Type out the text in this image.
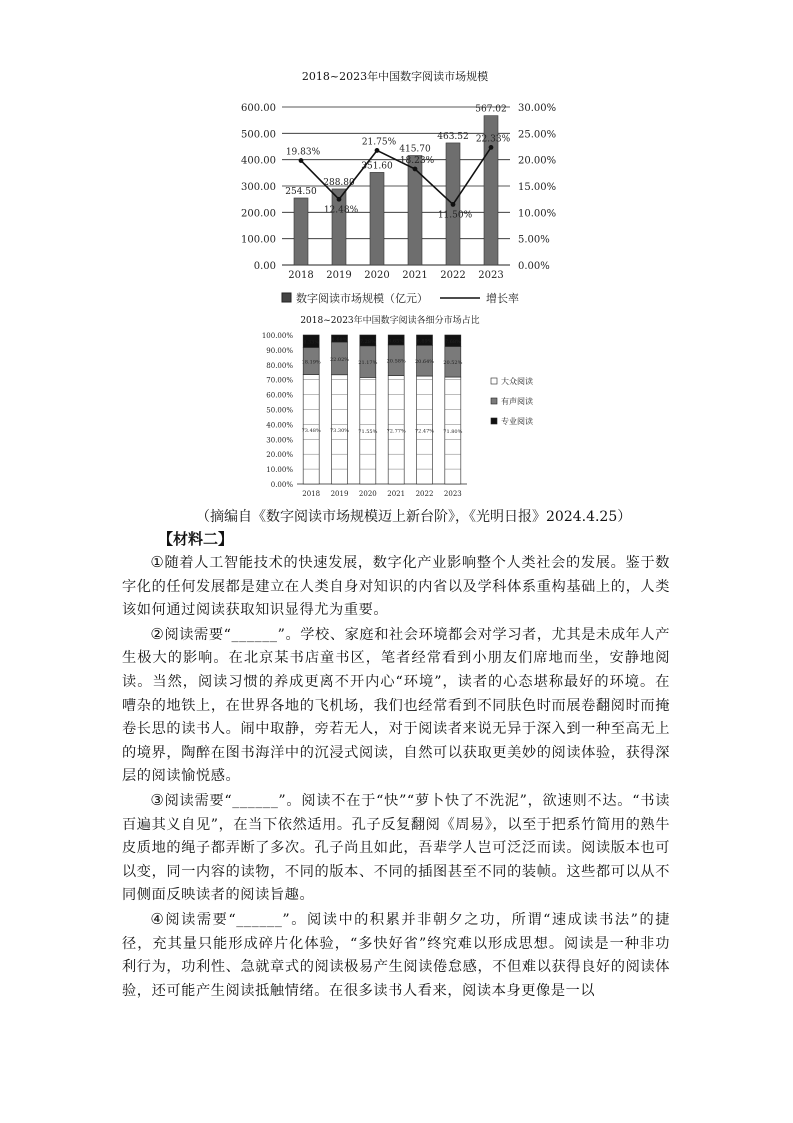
2018~2023年中国数字阅读市场规模
0.00
100.00
200.00
300.00
400.00
500.00
600.00
0.00%
5.00%
10.00%
15.00%
20.00%
25.00%
30.00%
254.50
2018
288.80
2019
351.60
2020
415.70
2021
463.52
2022
567.02
2023
19.83%
12.48%
21.75%
18.23%
11.50%
22.33%
数字阅读市场规模（亿元）	增长率
2018~2023年中国数字阅读各细分市场占比
0.00%
10.00%
20.00%
30.00%
40.00%
50.00%
60.00%
70.00%
80.00%
90.00%
100.00%
73.48%
18.19%
8.33%
2018
73.30%
22.02%
4.68%
2019
71.55%
21.17%
7.28%
2020
72.77%
20.58%
6.65%
2021
72.47%
20.64%
6.89%
2022
71.80%
20.52%
7.68%
2023
大众阅读
有声阅读
专业阅读
（摘编自《数字阅读市场规模迈上新台阶》，《光明日报》2024.4.25）
【材料二】

①随着人工智能技术的快速发展，数字化产业影响整个人类社会的发展。鉴于数字化的任何发展都是建立在人类自身对知识的内省以及学科体系重构基础上的，人类该如何通过阅读获取知识显得尤为重要。

②阅读需要“______”。学校、家庭和社会环境都会对学习者，尤其是未成年人产生极大的影响。在北京某书店童书区，笔者经常看到小朋友们席地而坐，安静地阅读。当然，阅读习惯的养成更离不开内心“环境”，读者的心态堪称最好的环境。在嘈杂的地铁上，在世界各地的飞机场，我们也经常看到不同肤色时而展卷翻阅时而掩卷长思的读书人。闹中取静，旁若无人，对于阅读者来说无异于深入到一种至高无上的境界，陶醉在图书海洋中的沉浸式阅读，自然可以获取更美妙的阅读体验，获得深层的阅读愉悦感。

③阅读需要“______”。阅读不在于“快”“萝卜快了不洗泥”，欲速则不达。“书读百遍其义自见”，在当下依然适用。孔子反复翻阅《周易》，以至于把系竹简用的熟牛皮质地的绳子都弄断了多次。孔子尚且如此，吾辈学人岂可泛泛而读。阅读版本也可以变，同一内容的读物，不同的版本、不同的插图甚至不同的装帧。这些都可以从不同侧面反映读者的阅读旨趣。

④阅读需要“______”。阅读中的积累并非朝夕之功，所谓“速成读书法”的捷径，充其量只能形成碎片化体验，“多快好省”终究难以形成思想。阅读是一种非功利行为，功利性、急就章式的阅读极易产生阅读倦怠感，不但难以获得良好的阅读体验，还可能产生阅读抵触情绪。在很多读书人看来，阅读本身更像是一以
